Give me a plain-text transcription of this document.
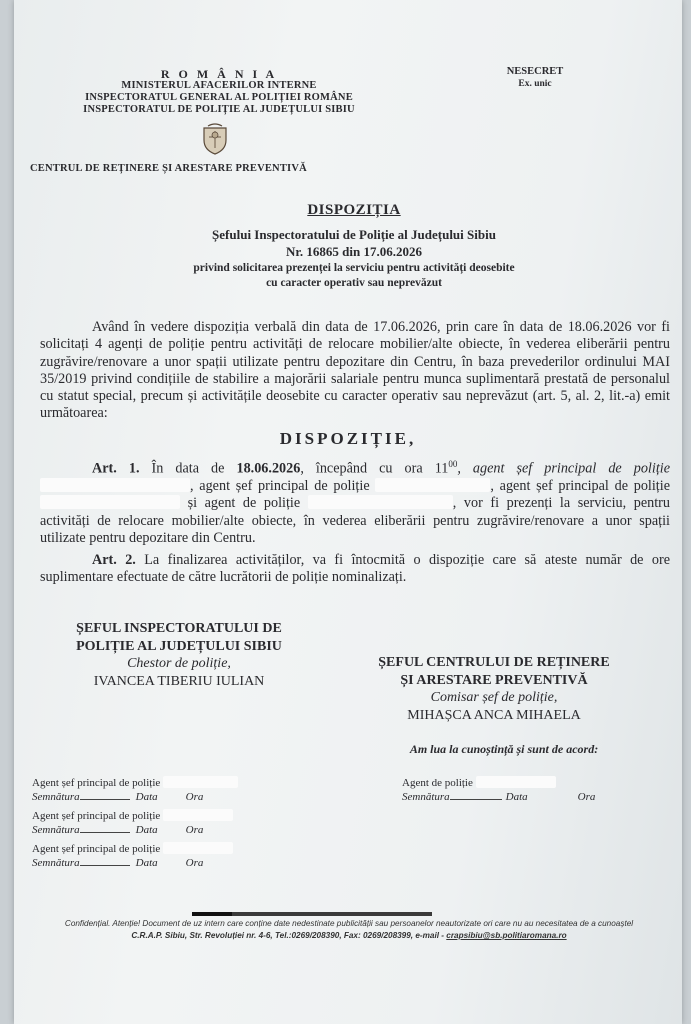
R O M Â N I A
MINISTERUL AFACERILOR INTERNE
INSPECTORATUL GENERAL AL POLIȚIEI ROMÂNE
INSPECTORATUL DE POLIȚIE AL JUDEȚULUI SIBIU
CENTRUL DE REȚINERE ȘI ARESTARE PREVENTIVĂ
NESECRET
Ex. unic
DISPOZIȚIA
Șefului Inspectoratului de Poliție al Județului Sibiu
Nr. 16865 din 17.06.2026
privind solicitarea prezenței la serviciu pentru activități deosebite
cu caracter operativ sau neprevăzut
Având în vedere dispoziția verbală din data de 17.06.2026, prin care în data de 18.06.2026 vor fi solicitați 4 agenți de poliție pentru activități de relocare mobilier/alte obiecte, în vederea eliberării pentru zugrăvire/renovare a unor spații utilizate pentru depozitare din Centru, în baza prevederilor ordinului MAI 35/2019 privind condițiile de stabilire a majorării salariale pentru munca suplimentară prestată de personalul cu statut special, precum și activitățile deosebite cu caracter operativ sau neprevăzut (art. 5, al. 2, lit.-a) emit următoarea:
DISPOZIȚIE,
Art. 1. În data de 18.06.2026, începând cu ora $11^{00}$, agent șef principal de poliție , agent șef principal de poliție	, agent șef principal de poliție  și agent de poliție	, vor fi prezenți la serviciu, pentru activități de relocare mobilier/alte obiecte, în vederea eliberării pentru zugrăvire/renovare a unor spații utilizate pentru depozitare din Centru.
Art. 2. La finalizarea activităților, va fi întocmită o dispoziție care să ateste număr de ore suplimentare efectuate de către lucrătorii de poliție nominalizați.
ȘEFUL INSPECTORATULUI DE
POLIȚIE AL JUDEȚULUI SIBIU
Chestor de poliție,
IVANCEA TIBERIU IULIAN
ȘEFUL CENTRULUI DE REȚINERE
ȘI ARESTARE PREVENTIVĂ
Comisar șef de poliție,
MIHAȘCA ANCA MIHAELA
Am lua la cunoștință și sunt de acord:
Agent șef principal de poliție
Semnătura	Data	Ora
Agent șef principal de poliție
Semnătura	Data	Ora
Agent șef principal de poliție
Semnătura	Data	Ora
Agent de poliție
Semnătura	Data	Ora
Confidențial. Atenție! Document de uz intern care conține date nedestinate publicității sau persoanelor neautorizate ori care nu au necesitatea de a cunoaștel
C.R.A.P. Sibiu, Str. Revoluției nr. 4-6, Tel.:0269/208390, Fax: 0269/208399, e-mail - crapsibiu@sb.politiaromana.ro
